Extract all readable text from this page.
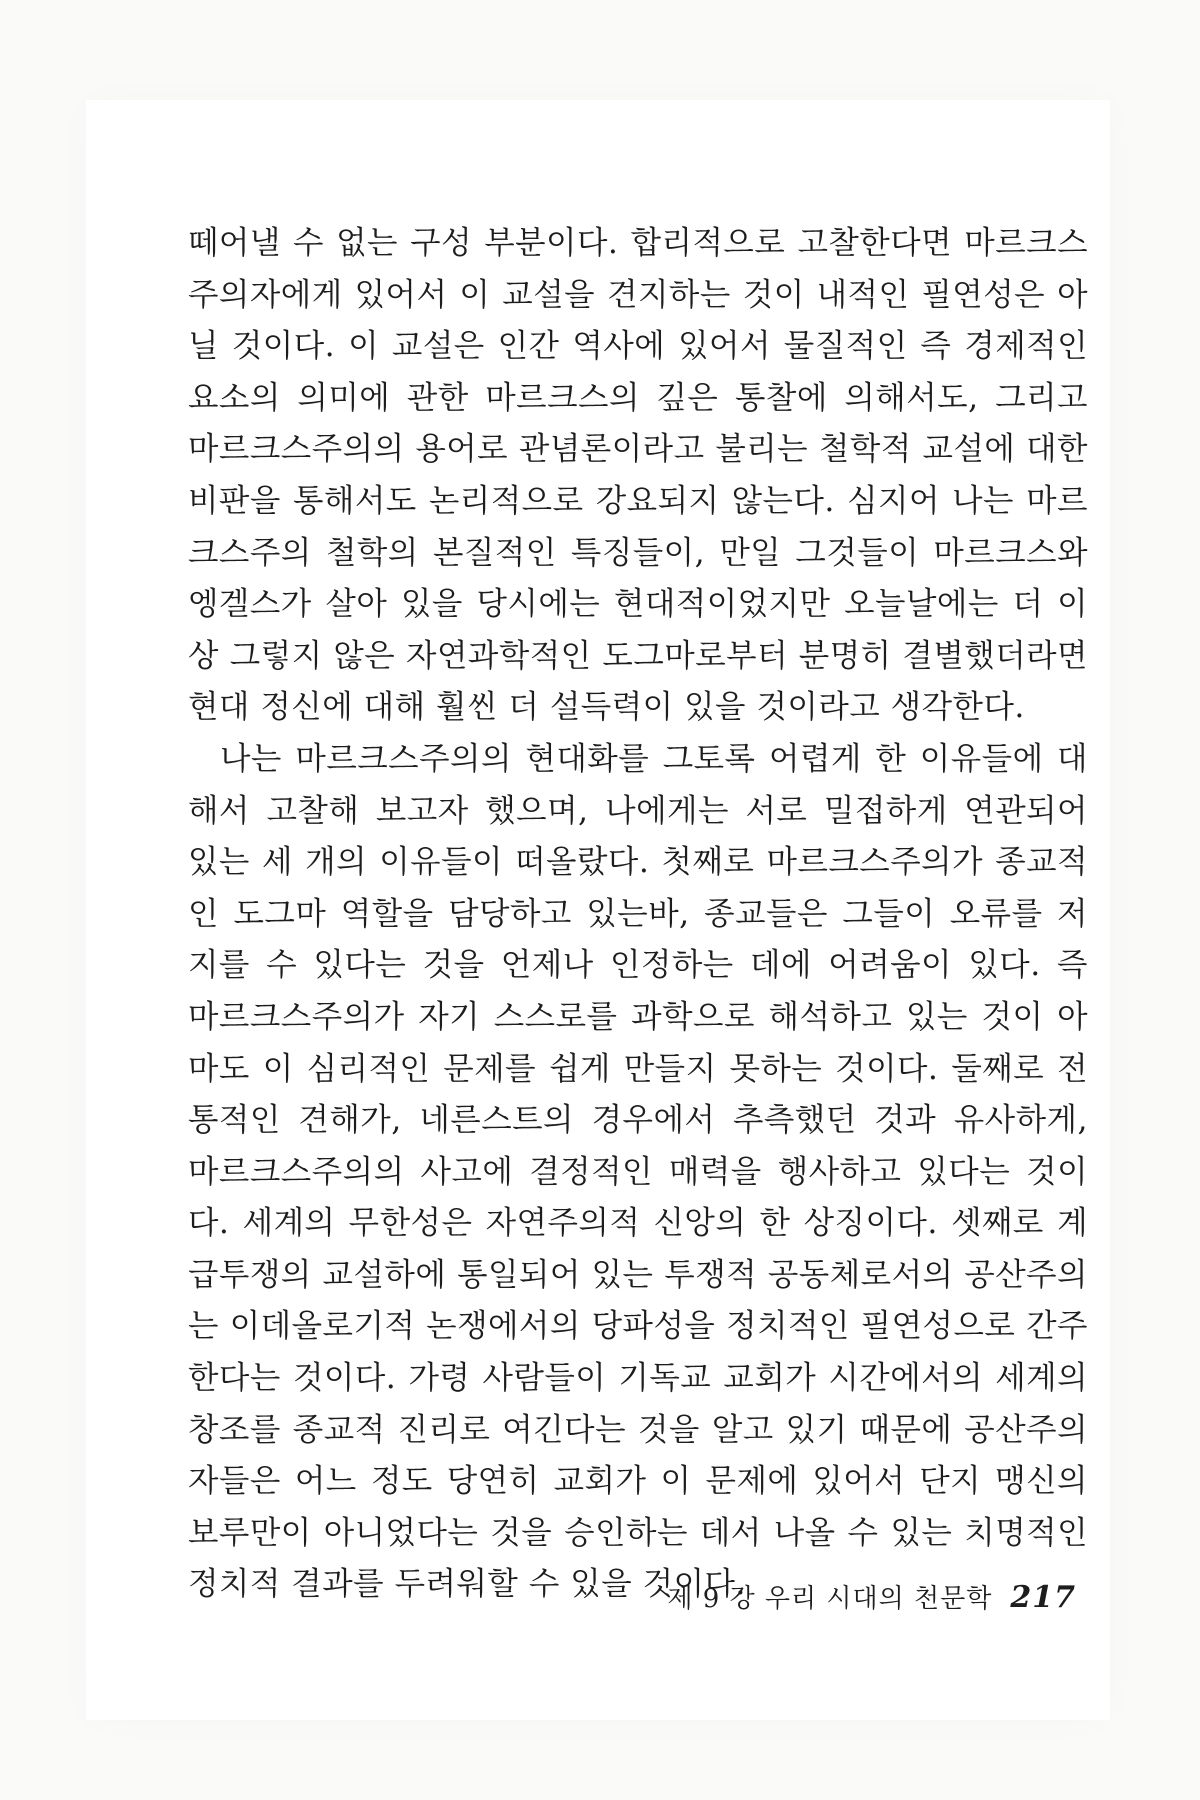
떼어낼 수 없는 구성 부분이다. 합리적으로 고찰한다면 마르크스
주의자에게 있어서 이 교설을 견지하는 것이 내적인 필연성은 아
닐 것이다. 이 교설은 인간 역사에 있어서 물질적인 즉 경제적인
요소의 의미에 관한 마르크스의 깊은 통찰에 의해서도, 그리고
마르크스주의의 용어로 관념론이라고 불리는 철학적 교설에 대한
비판을 통해서도 논리적으로 강요되지 않는다. 심지어 나는 마르
크스주의 철학의 본질적인 특징들이, 만일 그것들이 마르크스와
엥겔스가 살아 있을 당시에는 현대적이었지만 오늘날에는 더 이
상 그렇지 않은 자연과학적인 도그마로부터 분명히 결별했더라면
현대 정신에 대해 훨씬 더 설득력이 있을 것이라고 생각한다.
나는 마르크스주의의 현대화를 그토록 어렵게 한 이유들에 대
해서 고찰해 보고자 했으며, 나에게는 서로 밀접하게 연관되어
있는 세 개의 이유들이 떠올랐다. 첫째로 마르크스주의가 종교적
인 도그마 역할을 담당하고 있는바, 종교들은 그들이 오류를 저
지를 수 있다는 것을 언제나 인정하는 데에 어려움이 있다. 즉
마르크스주의가 자기 스스로를 과학으로 해석하고 있는 것이 아
마도 이 심리적인 문제를 쉽게 만들지 못하는 것이다. 둘째로 전
통적인 견해가, 네른스트의 경우에서 추측했던 것과 유사하게,
마르크스주의의 사고에 결정적인 매력을 행사하고 있다는 것이
다. 세계의 무한성은 자연주의적 신앙의 한 상징이다. 셋째로 계
급투쟁의 교설하에 통일되어 있는 투쟁적 공동체로서의 공산주의
는 이데올로기적 논쟁에서의 당파성을 정치적인 필연성으로 간주
한다는 것이다. 가령 사람들이 기독교 교회가 시간에서의 세계의
창조를 종교적 진리로 여긴다는 것을 알고 있기 때문에 공산주의
자들은 어느 정도 당연히 교회가 이 문제에 있어서 단지 맹신의
보루만이 아니었다는 것을 승인하는 데서 나올 수 있는 치명적인
정치적 결과를 두려워할 수 있을 것이다.
제 9 강 우리 시대의 천문학 217
